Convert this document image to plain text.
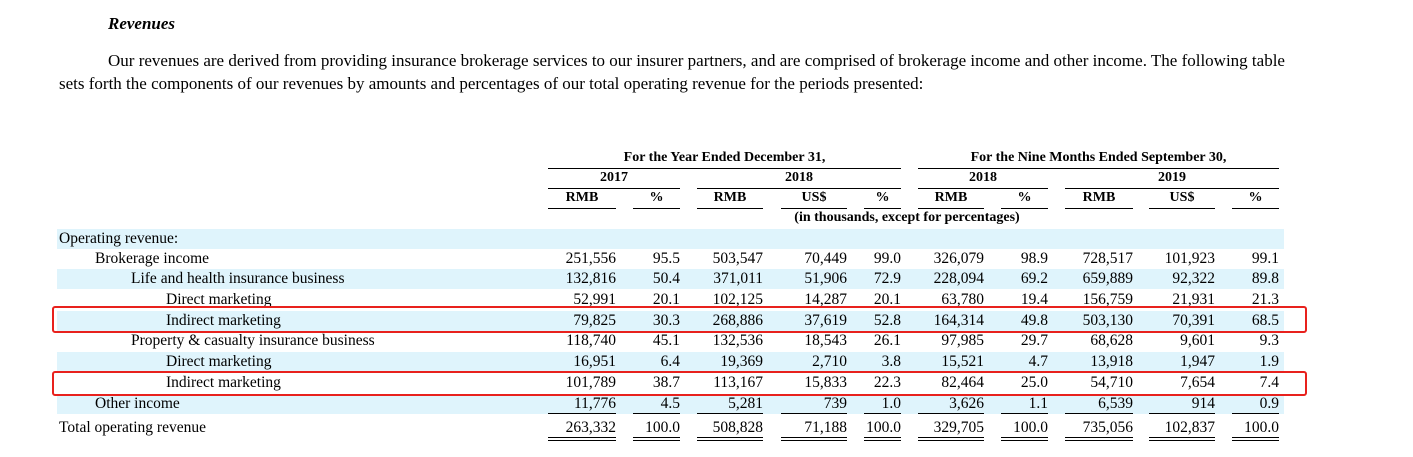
Revenues
Our revenues are derived from providing insurance brokerage services to our insurer partners, and are comprised of brokerage income and other income. The following table sets forth the components of our revenues by amounts and percentages of our total operating revenue for the periods presented:
For the Year Ended December 31,	For the Nine Months Ended September 30,
2017	2018	2018	2019
RMB	%	RMB	US$	%	RMB	%	RMB	US$	%
(in thousands, except for percentages)
Operating revenue:
Brokerage income	251,556	95.5	503,547	70,449	99.0	326,079	98.9	728,517	101,923	99.1
Life and health insurance business	132,816	50.4	371,011	51,906	72.9	228,094	69.2	659,889	92,322	89.8
Direct marketing	52,991	20.1	102,125	14,287	20.1	63,780	19.4	156,759	21,931	21.3
Indirect marketing	79,825	30.3	268,886	37,619	52.8	164,314	49.8	503,130	70,391	68.5
Property & casualty insurance business	118,740	45.1	132,536	18,543	26.1	97,985	29.7	68,628	9,601	9.3
Direct marketing	16,951	6.4	19,369	2,710	3.8	15,521	4.7	13,918	1,947	1.9
Indirect marketing	101,789	38.7	113,167	15,833	22.3	82,464	25.0	54,710	7,654	7.4
Other income	11,776	4.5	5,281	739	1.0	3,626	1.1	6,539	914	0.9
Total operating revenue	263,332	100.0	508,828	71,188	100.0	329,705	100.0	735,056	102,837	100.0
